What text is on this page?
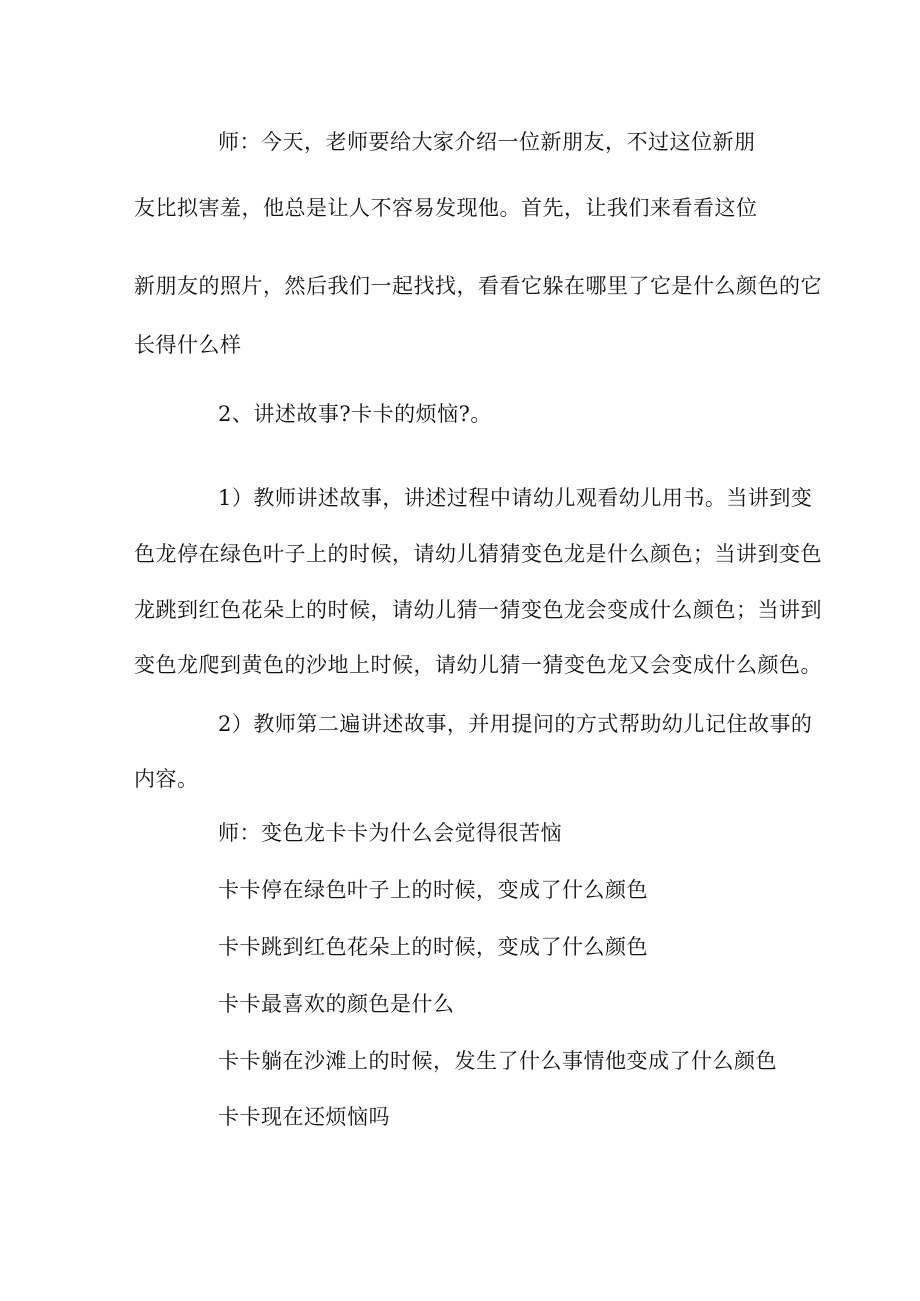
师：今天，老师要给大家介绍一位新朋友，不过这位新朋
友比拟害羞，他总是让人不容易发现他。首先，让我们来看看这位
新朋友的照片，然后我们一起找找，看看它躲在哪里了它是什么颜色的它
长得什么样
2、讲述故事?卡卡的烦恼?。
1）教师讲述故事，讲述过程中请幼儿观看幼儿用书。当讲到变
色龙停在绿色叶子上的时候，请幼儿猜猜变色龙是什么颜色；当讲到变色
龙跳到红色花朵上的时候，请幼儿猜一猜变色龙会变成什么颜色；当讲到
变色龙爬到黄色的沙地上时候，请幼儿猜一猜变色龙又会变成什么颜色。
2）教师第二遍讲述故事，并用提问的方式帮助幼儿记住故事的
内容。
师：变色龙卡卡为什么会觉得很苦恼
卡卡停在绿色叶子上的时候，变成了什么颜色
卡卡跳到红色花朵上的时候，变成了什么颜色
卡卡最喜欢的颜色是什么
卡卡躺在沙滩上的时候，发生了什么事情他变成了什么颜色
卡卡现在还烦恼吗
